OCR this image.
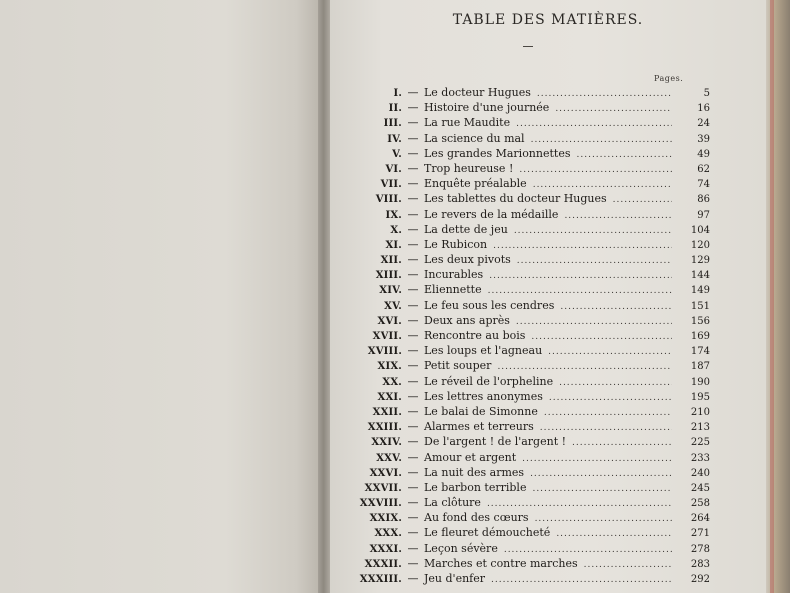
TABLE DES MATIÈRES.
Pages.
I. — Le docteur Hugues .....	5
II. — Histoire d'une journée .....	16
III. — La rue Maudite .....	24
IV. — La science du mal .....	39
V. — Les grandes Marionnettes .....	49
VI. — Trop heureuse ! .....	62
VII. — Enquête préalable .....	74
VIII. — Les tablettes du docteur Hugues .....	86
IX. — Le revers de la médaille .....	97
X. — La dette de jeu .....	104
XI. — Le Rubicon .....	120
XII. — Les deux pivots .....	129
XIII. — Incurables .....	144
XIV. — Eliennette .....	149
XV. — Le feu sous les cendres .....	151
XVI. — Deux ans après .....	156
XVII. — Rencontre au bois .....	169
XVIII. — Les loups et l'agneau .....	174
XIX. — Petit souper .....	187
XX. — Le réveil de l'orpheline .....	190
XXI. — Les lettres anonymes .....	195
XXII. — Le balai de Simonne .....	210
XXIII. — Alarmes et terreurs .....	213
XXIV. — De l'argent ! de l'argent ! .....	225
XXV. — Amour et argent .....	233
XXVI. — La nuit des armes .....	240
XXVII. — Le barbon terrible .....	245
XXVIII. — La clôture .....	258
XXIX. — Au fond des cœurs .....	264
XXX. — Le fleuret démoucheté .....	271
XXXI. — Leçon sévère .....	278
XXXII. — Marches et contre marches .....	283
XXXIII. — Jeu d'enfer .....	292
